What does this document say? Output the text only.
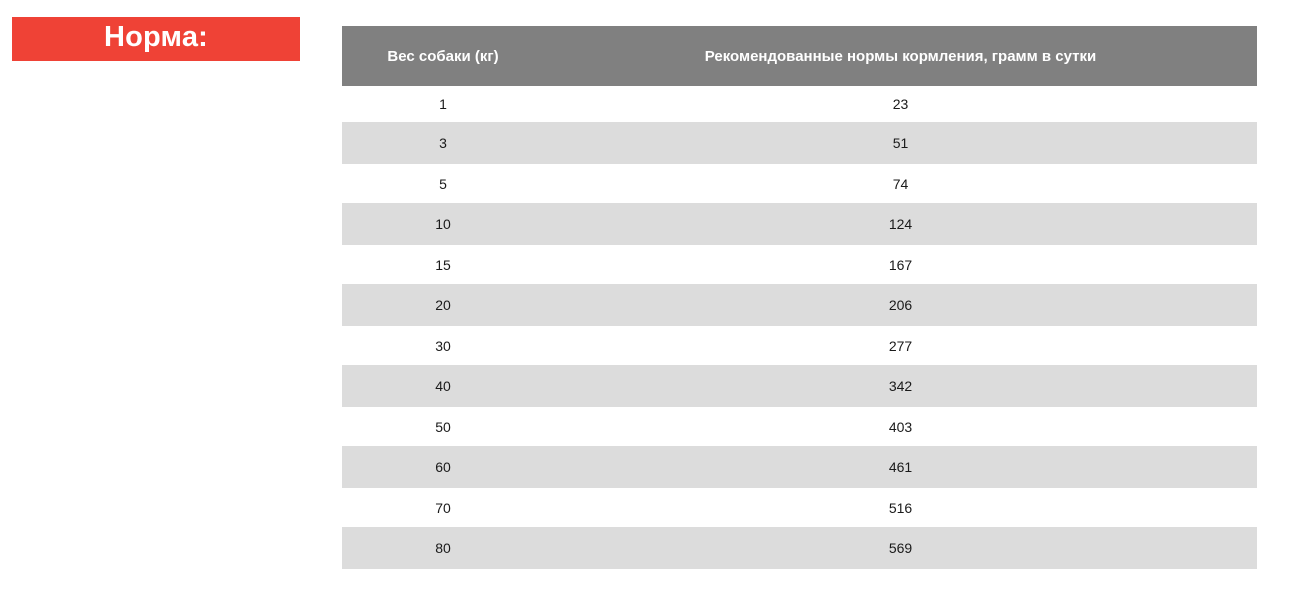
Норма:
Вес собаки (кг)	Рекомендованные нормы кормления, грамм в сутки
1	23
3	51
5	74
10	124
15	167
20	206
30	277
40	342
50	403
60	461
70	516
80	569
